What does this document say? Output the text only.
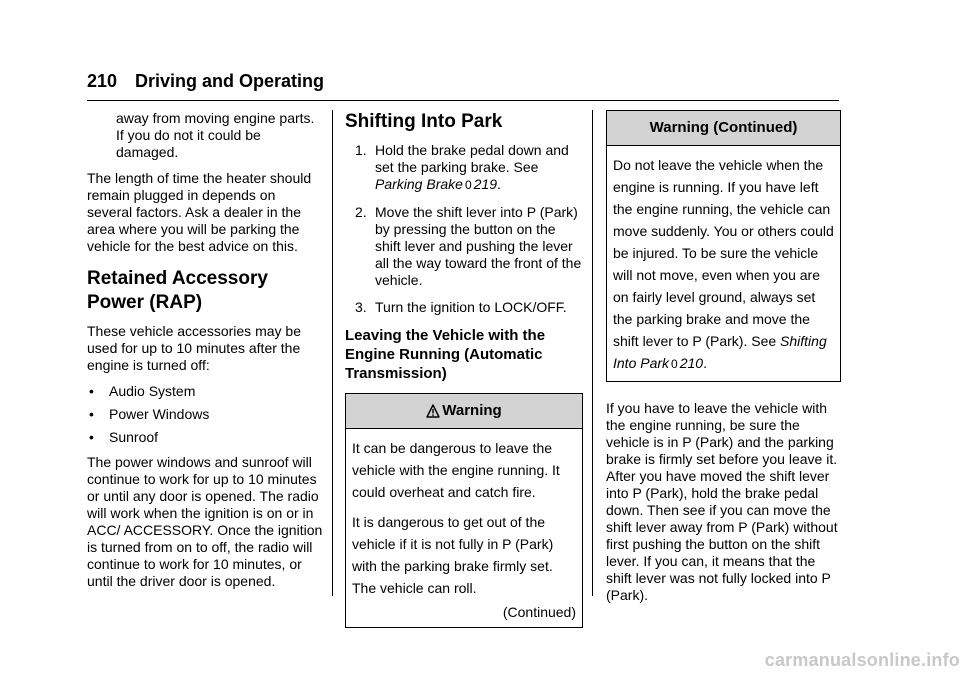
210 Driving and Operating

away from moving engine parts. If you do not it could be damaged.

The length of time the heater should remain plugged in depends on several factors. Ask a dealer in the area where you will be parking the vehicle for the best advice on this.

Retained Accessory
Power (RAP)

These vehicle accessories may be used for up to 10 minutes after the engine is turned off:

• Audio System
• Power Windows
• Sunroof

The power windows and sunroof will continue to work for up to 10 minutes or until any door is opened. The radio will work when the ignition is on or in ACC/ ACCESSORY. Once the ignition is turned from on to off, the radio will continue to work for 10 minutes, or until the driver door is opened.

Shifting Into Park
1. Hold the brake pedal down and set the parking brake. See Parking Brake 0 219.
2. Move the shift lever into P (Park) by pressing the button on the shift lever and pushing the lever all the way toward the front of the vehicle.
3. Turn the ignition to LOCK/OFF.
Leaving the Vehicle with the Engine Running (Automatic Transmission)
Warning

It can be dangerous to leave the vehicle with the engine running. It could overheat and catch fire.

It is dangerous to get out of the vehicle if it is not fully in P (Park) with the parking brake firmly set. The vehicle can roll.

(Continued)
Warning (Continued)
Do not leave the vehicle when the engine is running. If you have left the engine running, the vehicle can move suddenly. You or others could be injured. To be sure the vehicle will not move, even when you are on fairly level ground, always set the parking brake and move the shift lever to P (Park). See Shifting Into Park 0 210.

If you have to leave the vehicle with the engine running, be sure the vehicle is in P (Park) and the parking brake is firmly set before you leave it. After you have moved the shift lever into P (Park), hold the brake pedal down. Then see if you can move the shift lever away from P (Park) without first pushing the button on the shift lever. If you can, it means that the shift lever was not fully locked into P (Park).

carmanualsonline.info
